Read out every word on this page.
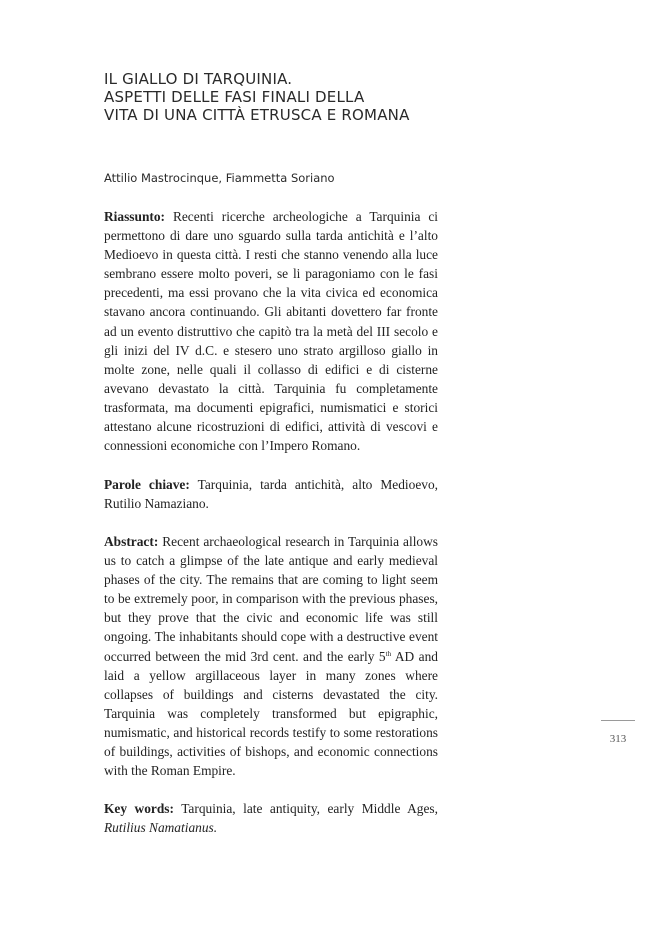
IL GIALLO DI TARQUINIA.
ASPETTI DELLE FASI FINALI DELLA
VITA DI UNA CITTÀ ETRUSCA E ROMANA
Attilio Mastrocinque, Fiammetta Soriano
Riassunto: Recenti ricerche archeologiche a Tarquinia ci permettono di dare uno sguardo sulla tarda antichità e l’alto Medioevo in questa città. I resti che stanno venendo alla luce sembrano essere molto poveri, se li paragoniamo con le fasi precedenti, ma essi provano che la vita civica ed economica stavano ancora continuando. Gli abitanti dovettero far fronte ad un evento distruttivo che capitò tra la metà del III secolo e gli inizi del IV d.C. e stesero uno strato argilloso giallo in molte zone, nelle quali il collasso di edifici e di cisterne avevano devastato la città. Tarquinia fu completamente trasformata, ma documenti epigrafici, numismatici e storici attestano alcune ricostruzioni di edifici, attività di vescovi e connessioni economiche con l’Impero Romano.
Parole chiave: Tarquinia, tarda antichità, alto Medioevo, Rutilio Namaziano.
Abstract: Recent archaeological research in Tarquinia allows us to catch a glimpse of the late antique and early medieval phases of the city. The remains that are coming to light seem to be extremely poor, in comparison with the previous phases, but they prove that the civic and economic life was still ongoing. The inhabitants should cope with a destructive event occurred between the mid 3rd cent. and the early 5th AD and laid a yellow argillaceous layer in many zones where collapses of buildings and cisterns devastated the city. Tarquinia was completely transformed but epigraphic, numismatic, and historical records testify to some restorations of buildings, activities of bishops, and economic connections with the Roman Empire.
Key words: Tarquinia, late antiquity, early Middle Ages, Rutilius Namatianus.
313
